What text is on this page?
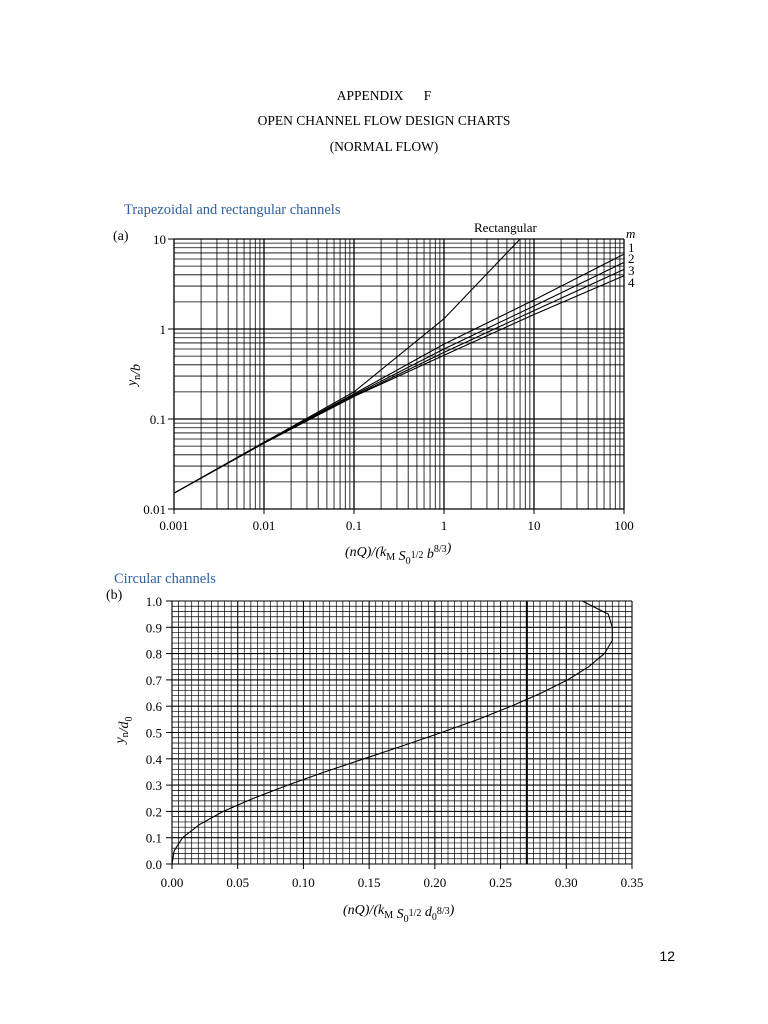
APPENDIX      F
OPEN CHANNEL FLOW DESIGN CHARTS
(NORMAL FLOW)
Trapezoidal and rectangular channels
(a)
Circular channels
(b)
0.001	0.01	0.1	1	10	100
0.01
0.1
1
10
1
2
3
4
Rectangular	m
$(nQ)/(k_M$ $S_0^{1/2}$ $b^{8/3}$)
$y_n/b$
0.00	0.05	0.10	0.15	0.20	0.25	0.30	0.35
0.0
0.1
0.2
0.3
0.4
0.5
0.6
0.7
0.8
0.9
1.0
$(nQ)/(k_M$ $S_0^{1/2}$ $d_0^{8/3}$)
$y_n/d_0$
12
